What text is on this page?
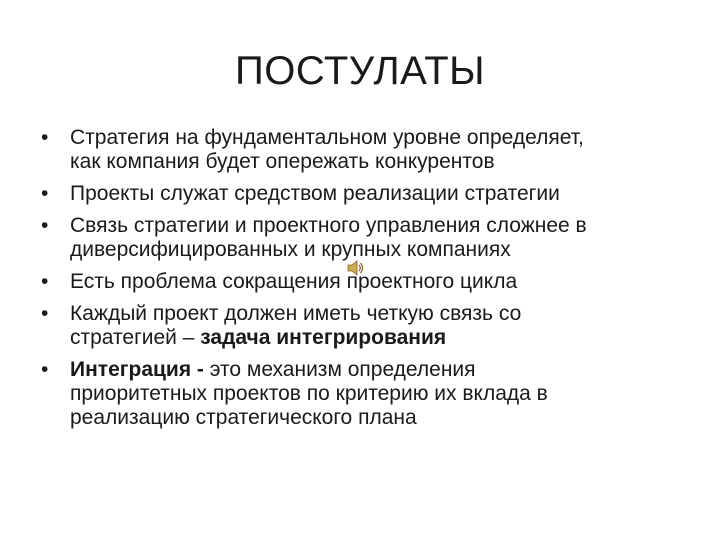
ПОСТУЛАТЫ
• Стратегия на фундаментальном уровне определяет,
как компания будет опережать конкурентов
• Проекты служат средством реализации стратегии
• Связь стратегии и проектного управления сложнее в
диверсифицированных и крупных компаниях
• Есть проблема сокращения проектного цикла
• Каждый проект должен иметь четкую связь со
стратегией – задача интегрирования
• Интеграция - это механизм определения
приоритетных проектов по критерию их вклада в
реализацию стратегического плана
